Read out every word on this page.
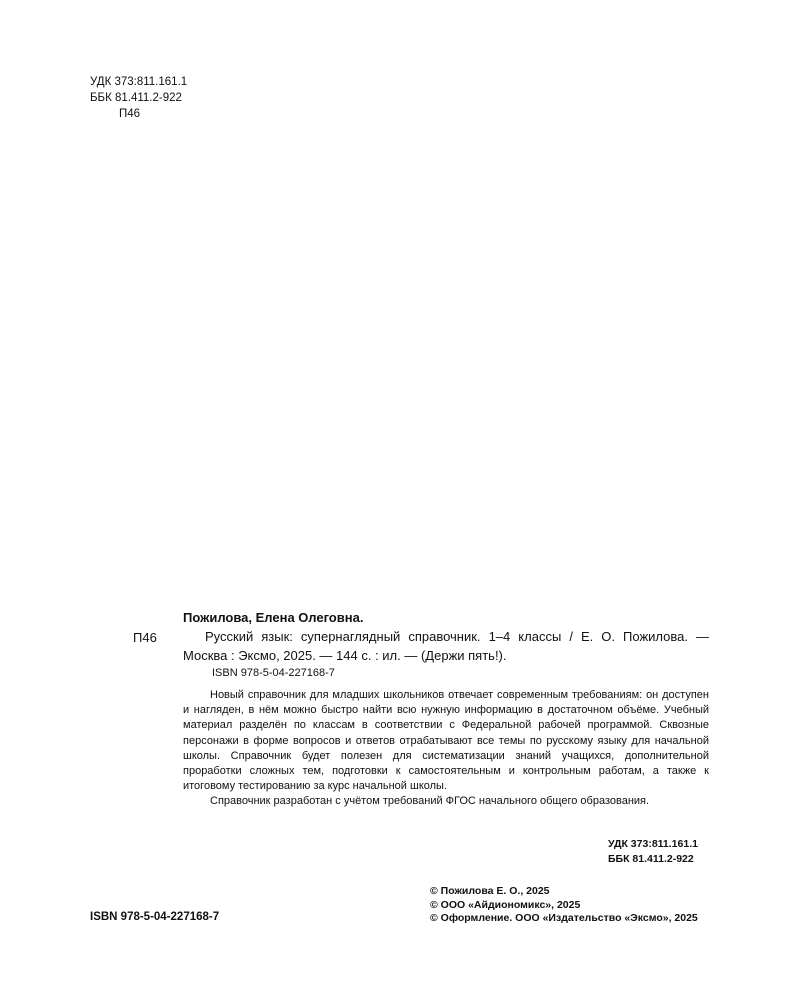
УДК 373:811.161.1
ББК 81.411.2-922
П46
Пожилова, Елена Олеговна.
П46	Русский язык: супернаглядный справочник. 1–4 классы / Е. О. Пожилова. — Москва : Эксмо, 2025. — 144 с. : ил. — (Держи пять!).
ISBN 978-5-04-227168-7

Новый справочник для младших школьников отвечает современным требованиям: он доступен и нагляден, в нём можно быстро найти всю нужную информацию в достаточном объёме. Учебный материал разделён по классам в соответствии с Федеральной рабочей программой. Сквозные персонажи в форме вопросов и ответов отрабатывают все темы по русскому языку для начальной школы. Справочник будет полезен для систематизации знаний учащихся, дополнительной проработки сложных тем, подготовки к самостоятельным и контрольным работам, а также к итоговому тестированию за курс начальной школы.

Справочник разработан с учётом требований ФГОС начального общего образования.

УДК 373:811.161.1
ББК 81.411.2-922
© Пожилова Е. О., 2025
© ООО «Айдиономикс», 2025
© Оформление. ООО «Издательство «Эксмо», 2025
ISBN 978-5-04-227168-7
